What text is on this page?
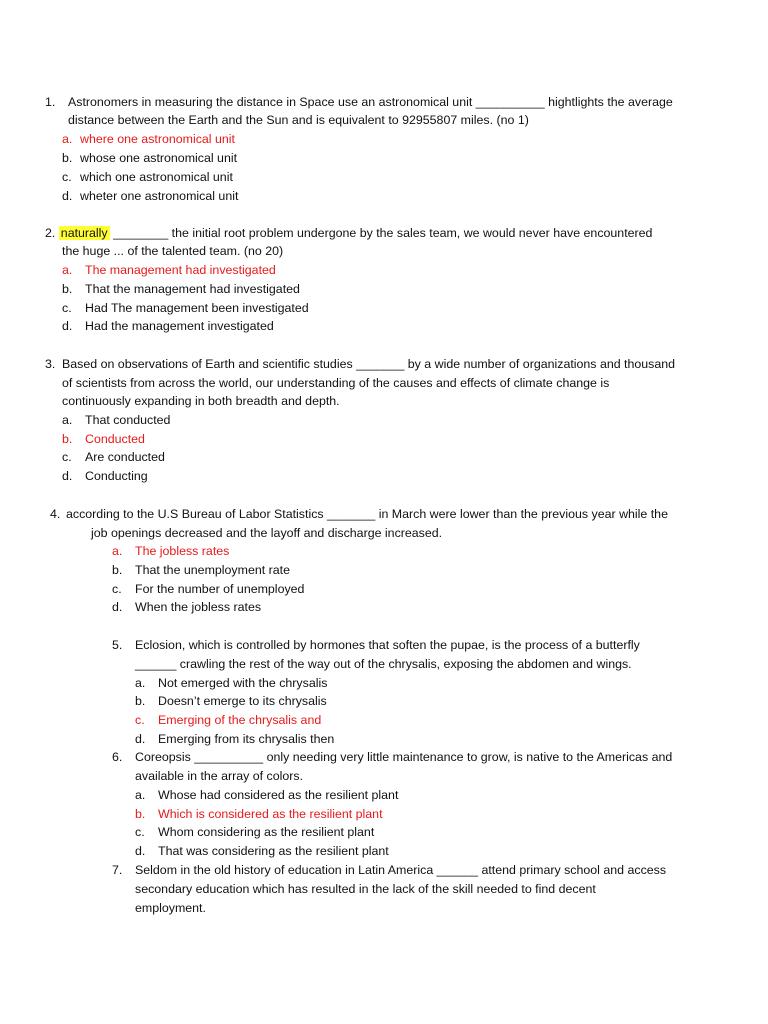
1. Astronomers in measuring the distance in Space use an astronomical unit __________ hightlights the average
distance between the Earth and the Sun and is equivalent to 92955807 miles. (no 1)
a. where one astronomical unit
b. whose one astronomical unit
c. which one astronomical unit
d. wheter one astronomical unit
2. naturally ________ the initial root problem undergone by the sales team, we would never have encountered
the huge ... of the talented team. (no 20)
a. The management had investigated
b. That the management had investigated
c. Had The management been investigated
d. Had the management investigated
3. Based on observations of Earth and scientific studies _______ by a wide number of organizations and thousand
of scientists from across the world, our understanding of the causes and effects of climate change is
continuously expanding in both breadth and depth.
a. That conducted
b. Conducted
c. Are conducted
d. Conducting
4. according to the U.S Bureau of Labor Statistics _______ in March were lower than the previous year while the
job openings decreased and the layoff and discharge increased.
a. The jobless rates
b. That the unemployment rate
c. For the number of unemployed
d. When the jobless rates
5. Eclosion, which is controlled by hormones that soften the pupae, is the process of a butterfly
______ crawling the rest of the way out of the chrysalis, exposing the abdomen and wings.
a. Not emerged with the chrysalis
b. Doesn’t emerge to its chrysalis
c. Emerging of the chrysalis and
d. Emerging from its chrysalis then
6. Coreopsis __________ only needing very little maintenance to grow, is native to the Americas and
available in the array of colors.
a. Whose had considered as the resilient plant
b. Which is considered as the resilient plant
c. Whom considering as the resilient plant
d. That was considering as the resilient plant
7. Seldom in the old history of education in Latin America ______ attend primary school and access
secondary education which has resulted in the lack of the skill needed to find decent
employment.
